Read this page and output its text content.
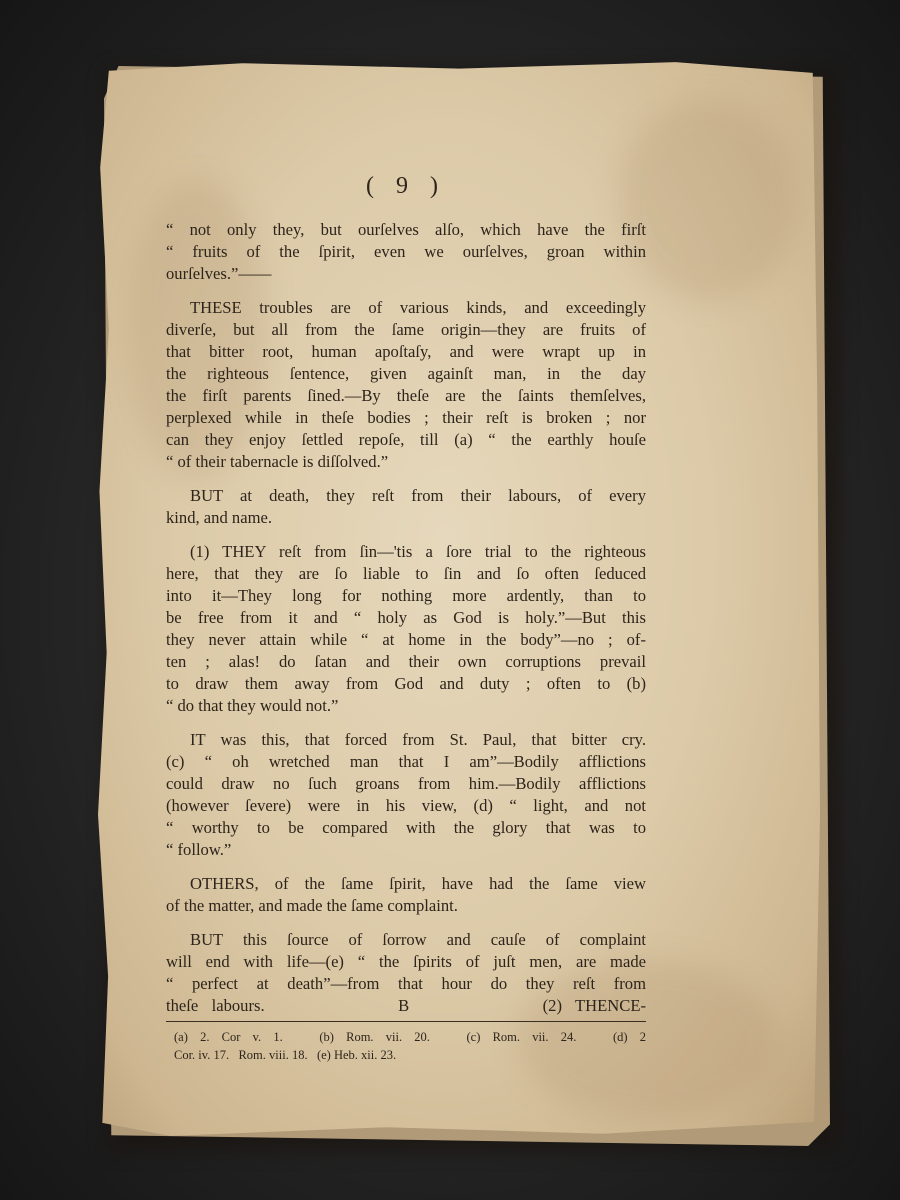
( 9 )

“ not only they, but ourſelves alſo, which have the firſt
“ fruits of the ſpirit, even we ourſelves, groan within
ourſelves.”——

THESE troubles are of various kinds, and exceedingly
diverſe, but all from the ſame origin—they are fruits of
that bitter root, human apoſtaſy, and were wrapt up in
the righteous ſentence, given againſt man, in the day
the firſt parents ſined.—By theſe are the ſaints themſelves,
perplexed while in theſe bodies ; their reſt is broken ; nor
can they enjoy ſettled repoſe, till (a) “ the earthly houſe
“ of their tabernacle is diſſolved.”

BUT at death, they reſt from their labours, of every
kind, and name.

(1) THEY reſt from ſin—'tis a ſore trial to the righteous
here, that they are ſo liable to ſin and ſo often ſeduced
into it—They long for nothing more ardently, than to
be free from it and “ holy as God is holy.”—But this
they never attain while “ at home in the body”—no ; of-
ten ; alas! do ſatan and their own corruptions prevail
to draw them away from God and duty ; often to (b)
“ do that they would not.”

IT was this, that forced from St. Paul, that bitter cry.
(c) “ oh wretched man that I am”—Bodily afflictions
could draw no ſuch groans from him.—Bodily afflictions
(however ſevere) were in his view, (d) “ light, and not
“ worthy to be compared with the glory that was to
“ follow.”

OTHERS, of the ſame ſpirit, have had the ſame view
of the matter, and made the ſame complaint.

BUT this ſource of ſorrow and cauſe of complaint
will end with life—(e) “ the ſpirits of juſt men, are made
“ perfect at death”—from that hour do they reſt from
theſe labours.          B          (2) THENCE-

(a) 2. Cor v. 1.   (b) Rom. vii. 20.   (c) Rom. vii. 24.   (d) 2
Cor. iv. 17.   Rom. viii. 18.   (e) Heb. xii. 23.
